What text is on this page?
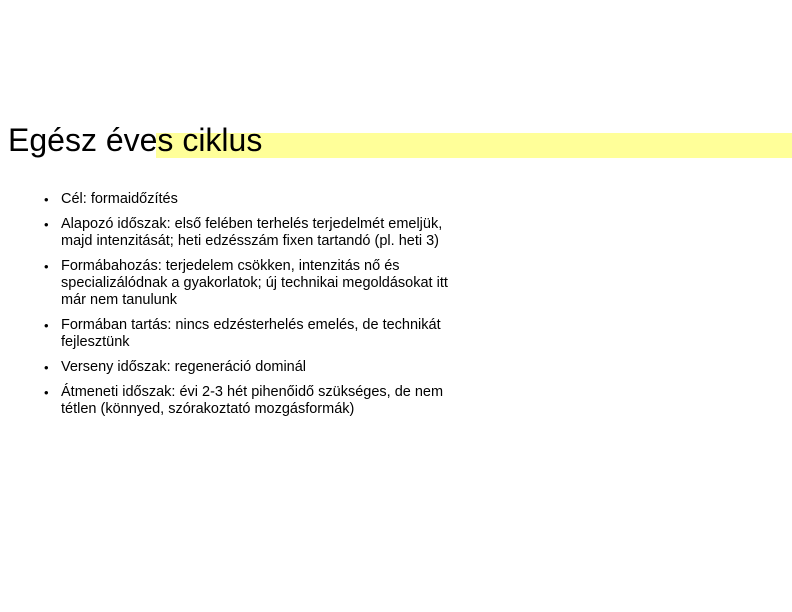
Egész éves ciklus
• Cél: formaidőzítés
• Alapozó időszak: első felében terhelés terjedelmét emeljük,
majd intenzitását; heti edzésszám fixen tartandó (pl. heti 3)
• Formábahozás: terjedelem csökken, intenzitás nő és specializálódnak a gyakorlatok; új technikai megoldásokat itt már nem tanulunk
• Formában tartás: nincs edzésterhelés emelés, de technikát fejlesztünk
• Verseny időszak: regeneráció dominál
• Átmeneti időszak: évi 2-3 hét pihenőidő szükséges, de nem tétlen (könnyed, szórakoztató mozgásformák)
